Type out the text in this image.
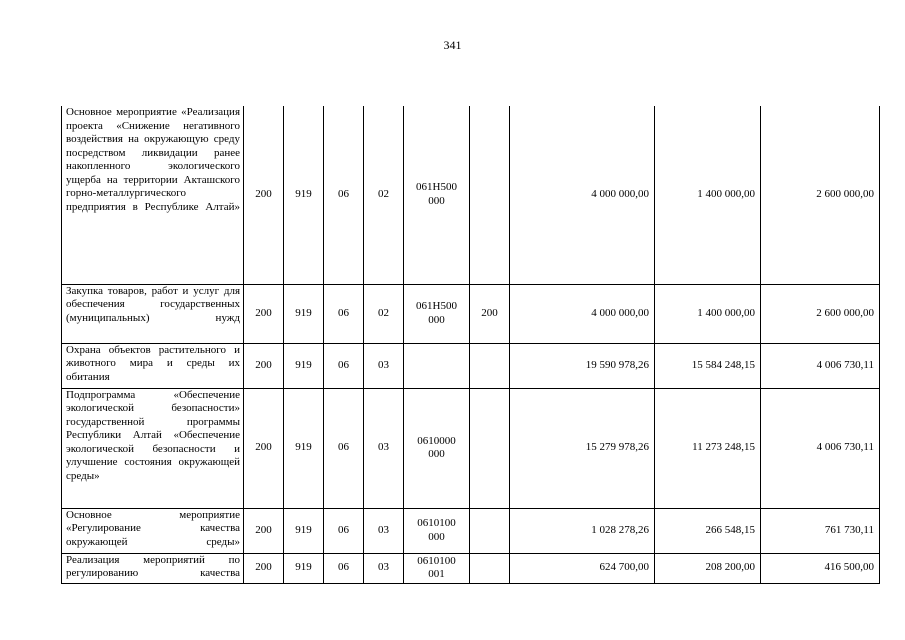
341
Основное мероприятие «Реализация проекта «Снижение негативного воздействия на окружающую среду посредством ликвидации ранее накопленного экологического ущерба на территории Акташского горно-металлургического предприятия в Республике Алтай»	200	919	06	02	061H500 000		4 000 000,00	1 400 000,00	2 600 000,00
Закупка товаров, работ и услуг для обеспечения государственных (муниципальных) нужд	200	919	06	02	061H500 000	200	4 000 000,00	1 400 000,00	2 600 000,00
Охрана объектов растительного и животного мира и среды их обитания	200	919	06	03			19 590 978,26	15 584 248,15	4 006 730,11
Подпрограмма «Обеспечение экологической безопасности» государственной программы Республики Алтай «Обеспечение экологической безопасности и улучшение состояния окружающей среды»	200	919	06	03	0610000 000		15 279 978,26	11 273 248,15	4 006 730,11
Основное мероприятие «Регулирование качества окружающей среды»	200	919	06	03	0610100 000		1 028 278,26	266 548,15	761 730,11
Реализация мероприятий по регулированию качества	200	919	06	03	0610100 001		624 700,00	208 200,00	416 500,00
